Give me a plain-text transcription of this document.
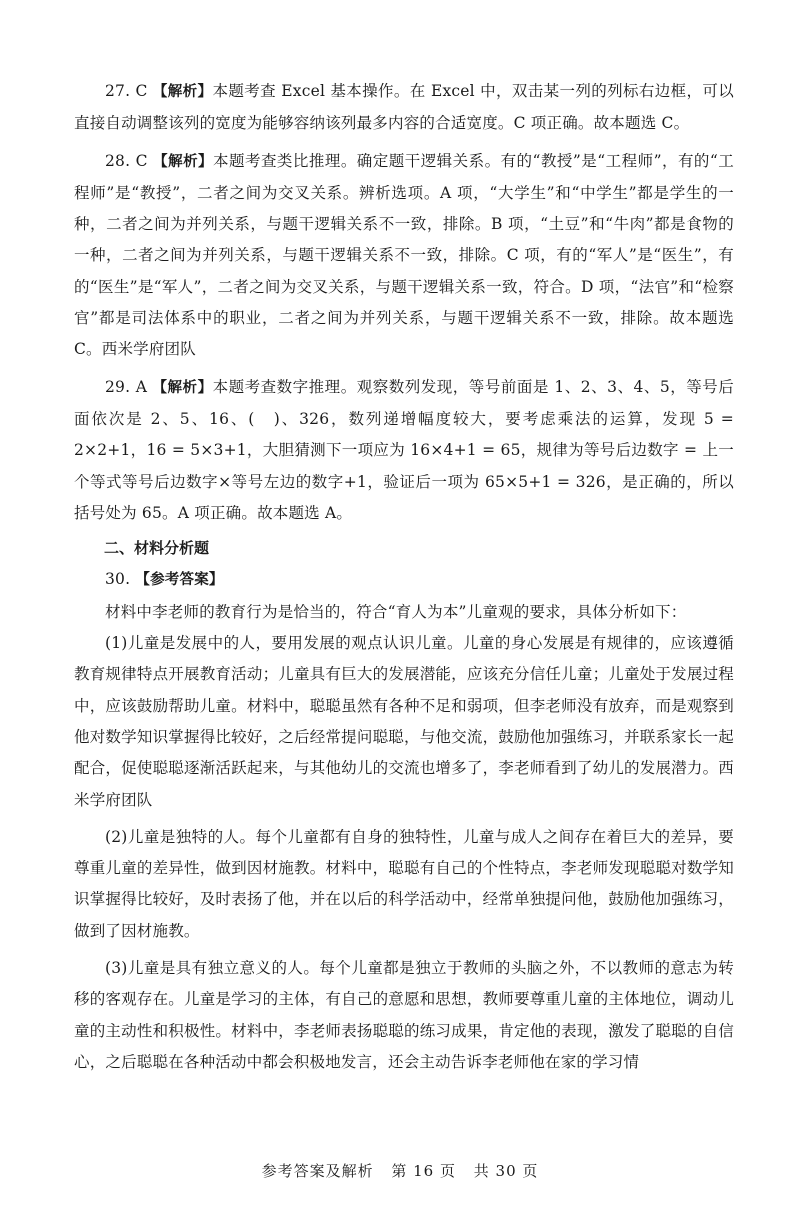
27. C 【解析】本题考查 Excel 基本操作。在 Excel 中，双击某一列的列标右边框，可以直接自动调整该列的宽度为能够容纳该列最多内容的合适宽度。C 项正确。故本题选 C。

28. C 【解析】本题考查类比推理。确定题干逻辑关系。有的“教授”是“工程师”，有的“工程师”是“教授”，二者之间为交叉关系。辨析选项。A 项，“大学生”和“中学生”都是学生的一种，二者之间为并列关系，与题干逻辑关系不一致，排除。B 项，“土豆”和“牛肉”都是食物的一种，二者之间为并列关系，与题干逻辑关系不一致，排除。C 项，有的“军人”是“医生”，有的“医生”是“军人”，二者之间为交叉关系，与题干逻辑关系一致，符合。D 项，“法官”和“检察官”都是司法体系中的职业，二者之间为并列关系，与题干逻辑关系不一致，排除。故本题选 C。西米学府团队

29. A 【解析】本题考查数字推理。观察数列发现，等号前面是 1、2、3、4、5，等号后面依次是 2、5、16、(　)、326，数列递增幅度较大，要考虑乘法的运算，发现 5 = 2×2+1，16 = 5×3+1，大胆猜测下一项应为 16×4+1 = 65，规律为等号后边数字 = 上一个等式等号后边数字×等号左边的数字+1，验证后一项为 65×5+1 = 326，是正确的，所以括号处为 65。A 项正确。故本题选 A。

二、材料分析题

30. 【参考答案】

材料中李老师的教育行为是恰当的，符合“育人为本”儿童观的要求，具体分析如下：

(1)儿童是发展中的人，要用发展的观点认识儿童。儿童的身心发展是有规律的，应该遵循教育规律特点开展教育活动；儿童具有巨大的发展潜能，应该充分信任儿童；儿童处于发展过程中，应该鼓励帮助儿童。材料中，聪聪虽然有各种不足和弱项，但李老师没有放弃，而是观察到他对数学知识掌握得比较好，之后经常提问聪聪，与他交流，鼓励他加强练习，并联系家长一起配合，促使聪聪逐渐活跃起来，与其他幼儿的交流也增多了，李老师看到了幼儿的发展潜力。西米学府团队

(2)儿童是独特的人。每个儿童都有自身的独特性，儿童与成人之间存在着巨大的差异，要尊重儿童的差异性，做到因材施教。材料中，聪聪有自己的个性特点，李老师发现聪聪对数学知识掌握得比较好，及时表扬了他，并在以后的科学活动中，经常单独提问他，鼓励他加强练习，做到了因材施教。

(3)儿童是具有独立意义的人。每个儿童都是独立于教师的头脑之外，不以教师的意志为转移的客观存在。儿童是学习的主体，有自己的意愿和思想，教师要尊重儿童的主体地位，调动儿童的主动性和积极性。材料中，李老师表扬聪聪的练习成果，肯定他的表现，激发了聪聪的自信心，之后聪聪在各种活动中都会积极地发言，还会主动告诉李老师他在家的学习情

参考答案及解析 第 16 页 共 30 页
